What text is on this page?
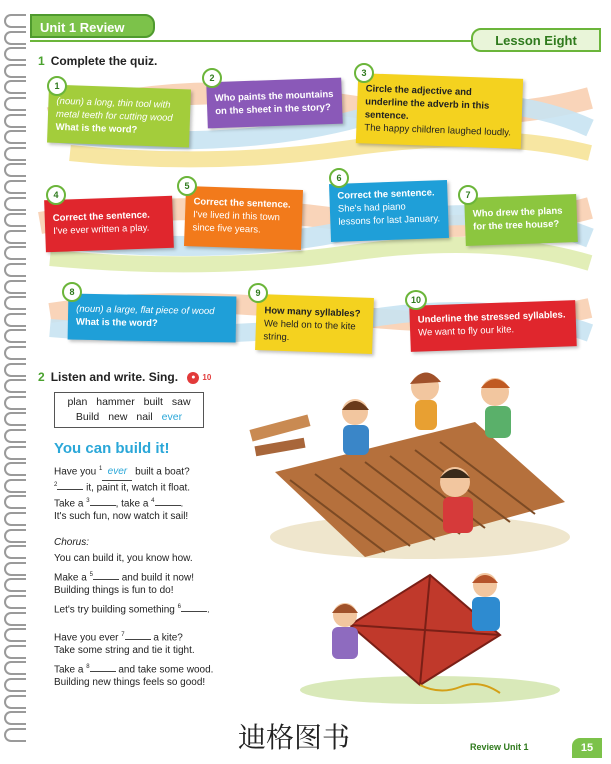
Unit 1 Review
Lesson Eight
1 Complete the quiz.
(noun) a long, thin tool with metal teeth for cutting wood
What is the word?
1
Who paints the mountains on the sheet in the story?
2
Circle the adjective and underline the adverb in this sentence.
The happy children laughed loudly.
3
Correct the sentence.
I've ever written a play.
4
Correct the sentence.
I've lived in this town since five years.
5
Correct the sentence.
She's had piano lessons for last January.
6
Who drew the plans for the tree house?
7
(noun) a large, flat piece of wood
What is the word?
8
How many syllables?
We held on to the kite string.
9
Underline the stressed syllables.
We want to fly our kite.
10
2 Listen and write. Sing. ● 10
plan hammer built saw
Build new nail ever
You can build it!
Have you $^1$ ever built a boat?
$^2$	it, paint it, watch it float.
Take a $^3$	, take a $^4$	.
It's such fun, now watch it sail!
Chorus:
You can build it, you know how.
Make a $^5$	and build it now!
Building things is fun to do!
Let's try building something $^6$	.
Have you ever $^7$	a kite?
Take some string and tie it tight.
Take a $^8$	and take some wood.
Building new things feels so good!
迪格图书	Review Unit 1	15
